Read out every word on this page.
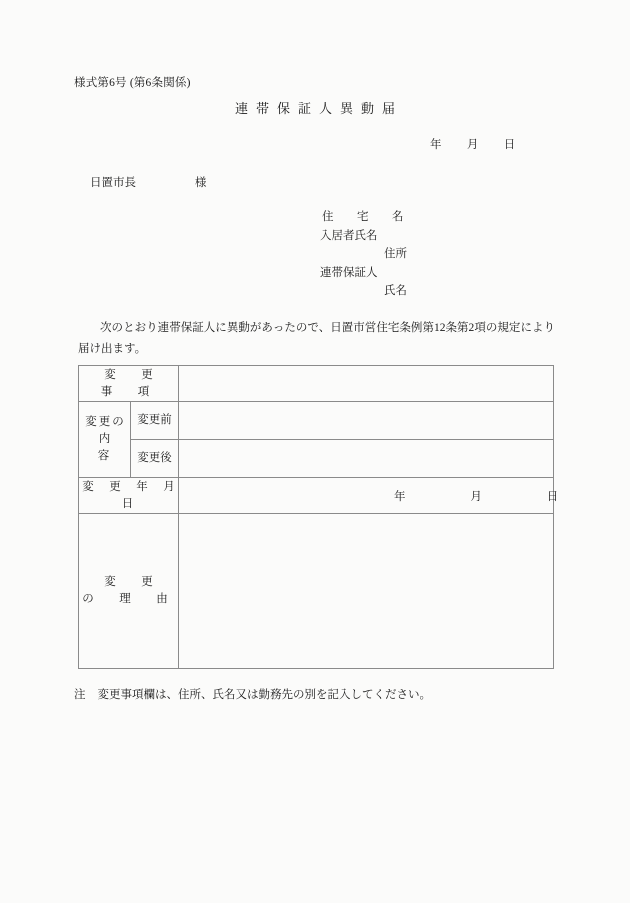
様式第6号 (第6条関係)
連帯保証人異動届
年 月 日
日置市長	様
住　宅　名
入居者氏名
住所
連帯保証人
氏名
次のとおり連帯保証人に異動があったので、日置市営住宅条例第12条第2項の規定により届け出ます。
変　更　事　項		

変更の
内　　容	変更前	
	変更後	
変　更　年　月　日		年 月 日
変　更　の　理　由		
注 変更事項欄は、住所、氏名又は勤務先の別を記入してください。
